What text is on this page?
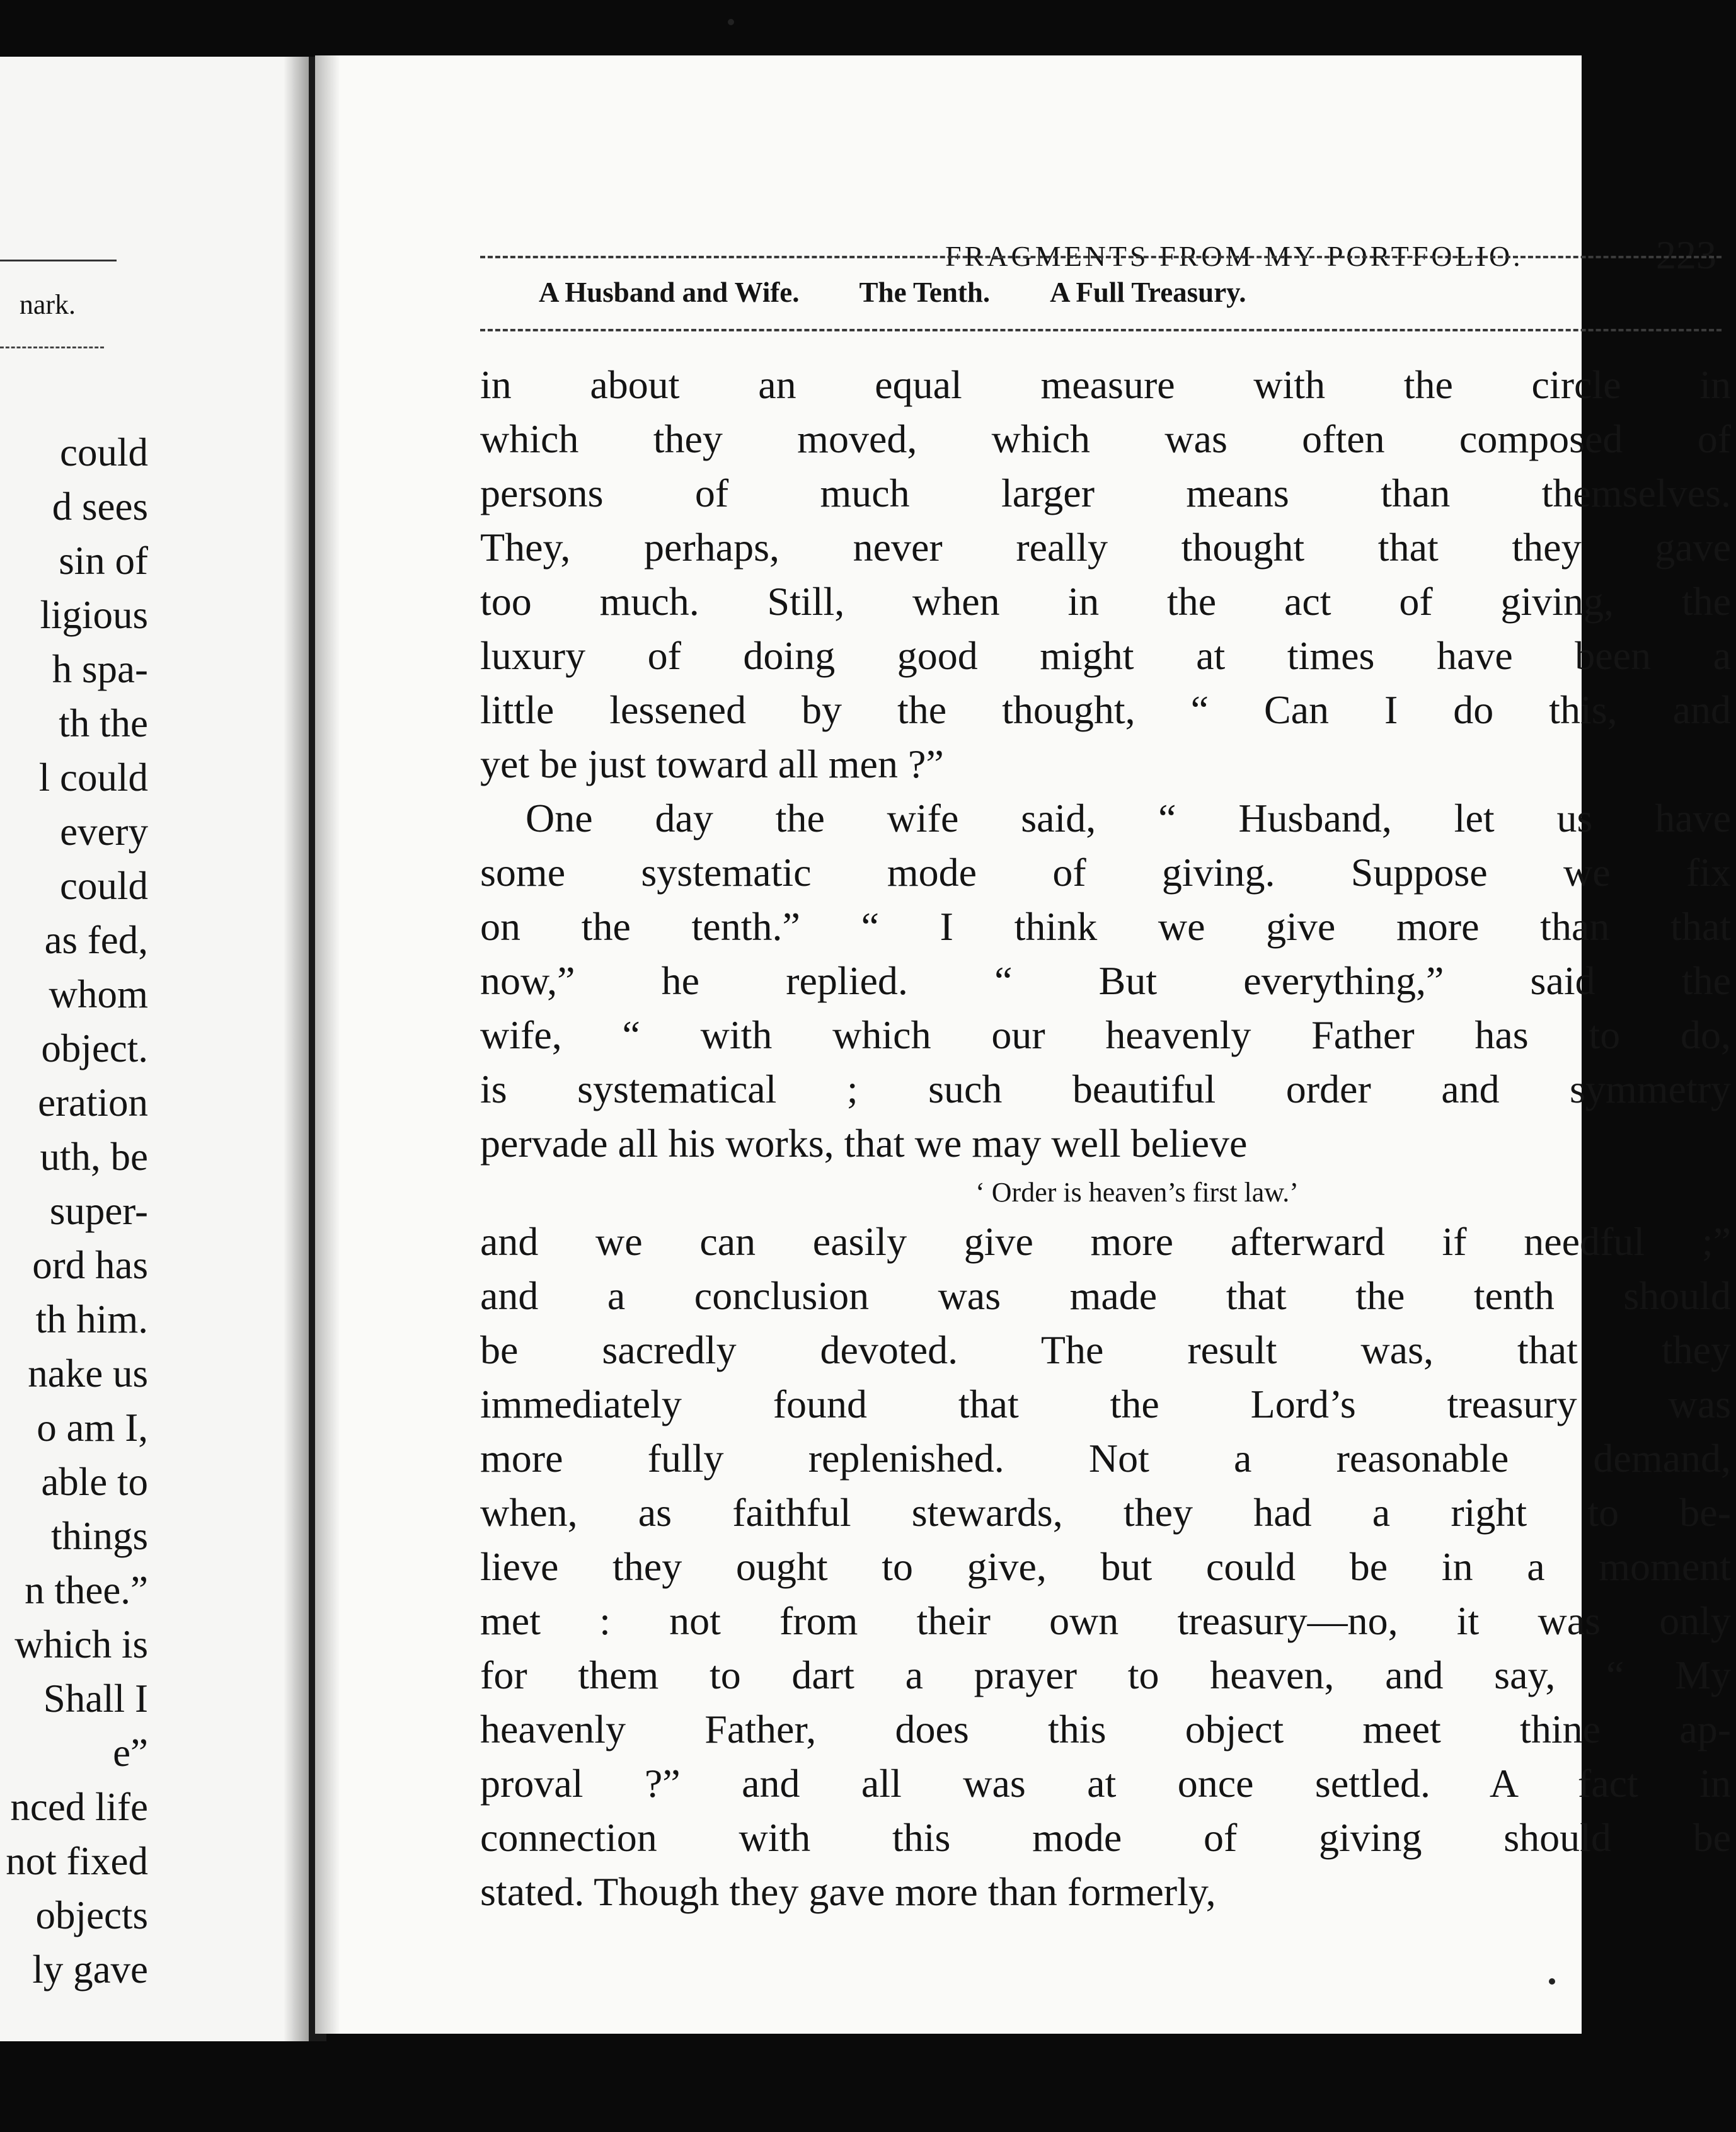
nark.
could
d sees
sin of
ligious
h spa-
th the
l could
every
could
as fed,
whom
object.
eration
uth, be
super-
ord has
th him.
nake us
o am I,
able to
things
n thee.”
which is
Shall I
e”
nced life
not fixed
objects
ly gave
FRAGMENTS FROM MY PORTFOLIO.	223
A Husband and Wife. The Tenth. A Full Treasury.
in about an equal measure with the circle in
which they moved, which was often composed of
persons of much larger means than themselves.
They, perhaps, never really thought that they gave
too much. Still, when in the act of giving, the
luxury of doing good might at times have been a
little lessened by the thought, “ Can I do this, and
yet be just toward all men ?”
One day the wife said, “ Husband, let us have
some systematic mode of giving. Suppose we fix
on the tenth.” “ I think we give more than that
now,” he replied. “ But everything,” said the
wife, “ with which our heavenly Father has to do,
is systematical ; such beautiful order and symmetry
pervade all his works, that we may well believe
‘ Order is heaven’s first law.’
and we can easily give more afterward if needful ;”
and a conclusion was made that the tenth should
be sacredly devoted. The result was, that they
immediately found that the Lord’s treasury was
more fully replenished. Not a reasonable demand,
when, as faithful stewards, they had a right to be-
lieve they ought to give, but could be in a moment
met : not from their own treasury—no, it was only
for them to dart a prayer to heaven, and say, “ My
heavenly Father, does this object meet thine ap-
proval ?” and all was at once settled. A fact in
connection with this mode of giving should be
stated. Though they gave more than formerly,
